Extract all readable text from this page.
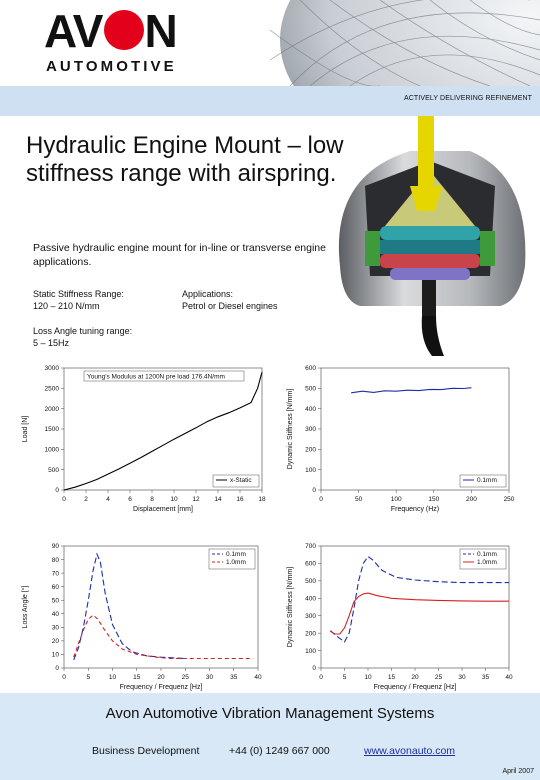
AV N
AUTOMOTIVE
ACTIVELY DELIVERING REFINEMENT
Hydraulic Engine Mount – low stiffness range with airspring.
Passive hydraulic engine mount for in-line or transverse engine applications.
Static Stiffness Range:
120 – 210 N/mm
Applications:
Petrol or Diesel engines
Loss Angle tuning range:
5 – 15Hz
0
500
1000
1500
2000
2500
3000
0	2	4	6	8	10 12 14 16 18
Displacement [mm]
Load [N]
Young's Modulus at 1200N pre load 176.4N/mm
x-Static
0
100
200
300
400
500
600
0	50	100	150	200	250
Frequency (Hz)
Dynamic Stiffness [N/mm]
0.1mm
0
10
20
30
40
50
60
70
80
90
0	5	10	15	20	25	30	35	40
Frequency / Frequenz [Hz]
Loss Angle [°]
0.1mm
1.0mm
0
100
200
300
400
500
600
700
0	5	10	15	20	25	30	35	40
Frequency / Frequenz [Hz]
Dynamic Stiffness [N/mm]
0.1mm
1.0mm
Avon Automotive Vibration Management Systems
Business Development	+44 (0) 1249 667 000	www.avonauto.com
April 2007
